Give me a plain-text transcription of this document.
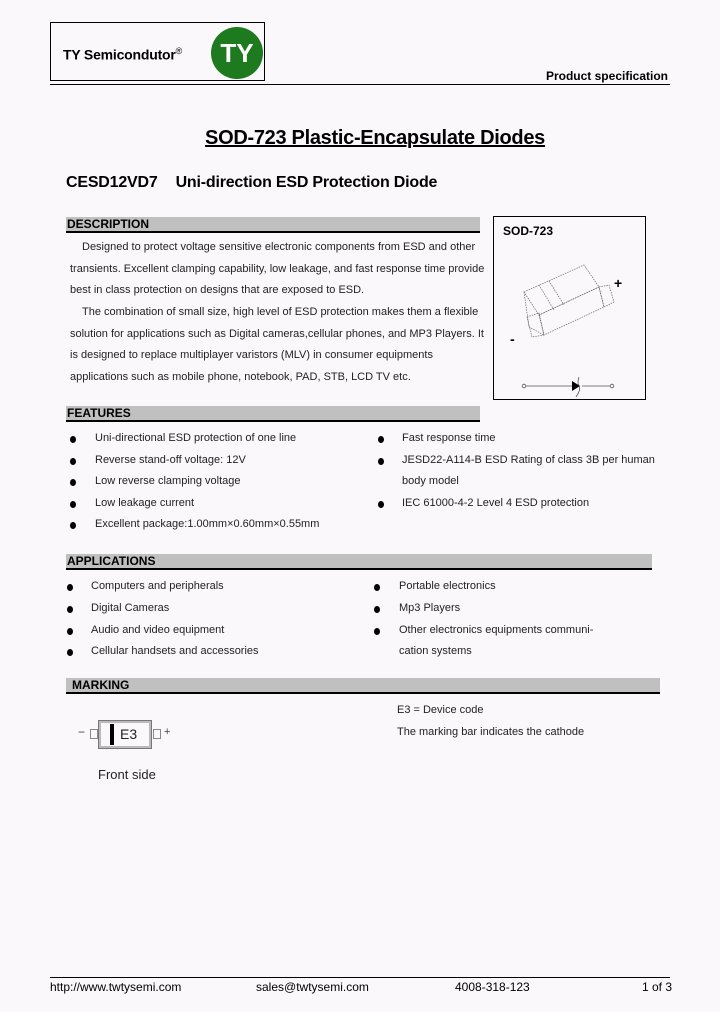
TY Semicondutor®	TY
Product specification
SOD-723 Plastic-Encapsulate Diodes
CESD12VD7 Uni-direction ESD Protection Diode
DESCRIPTION
Designed to protect voltage sensitive electronic components from ESD and other
transients. Excellent clamping capability, low leakage, and fast response time provide
best in class protection on designs that are exposed to ESD.
The combination of small size, high level of ESD protection makes them a flexible
solution for applications such as Digital cameras,cellular phones, and MP3 Players. It
is designed to replace multiplayer varistors (MLV) in consumer equipments
applications such as mobile phone, notebook, PAD, STB, LCD TV etc.
SOD-723
+
-
FEATURES
Uni-directional ESD protection of one line
Reverse stand-off voltage: 12V
Low reverse clamping voltage
Low leakage current
Excellent package:1.00mm×0.60mm×0.55mm
Fast response time
JESD22-A114-B ESD Rating of class 3B per human
body model
IEC 61000-4-2 Level 4 ESD protection
APPLICATIONS
Computers and peripherals
Digital Cameras
Audio and video equipment
Cellular handsets and accessories
Portable electronics
Mp3 Players
Other electronics equipments communi-
cation systems
MARKING
− E3 +
Front side
E3 = Device code
The marking bar indicates the cathode
http://www.twtysemi.com	sales@twtysemi.com	4008-318-123	1 of 3
